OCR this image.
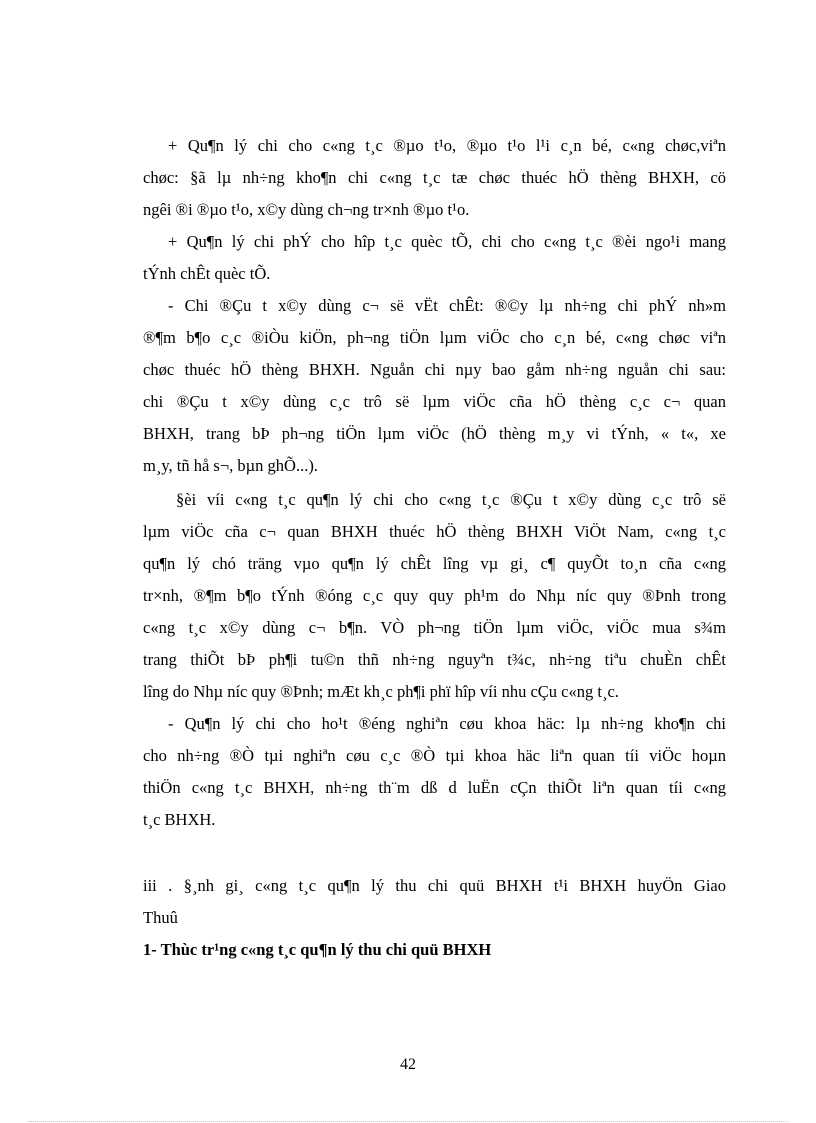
+ Qu¶n lý chi cho c«ng t¸c ®µo t¹o, ®µo t¹o l¹i c¸n bé, c«ng chøc,viªn
chøc: §ã lµ nh÷ng kho¶n chi c«ng t¸c tæ chøc thuéc hÖ thèng BHXH, cö
ngêi ®i ®µo t¹o, x©y dùng ch¬ng tr×nh ®µo t¹o.
+ Qu¶n lý chi phÝ cho hîp t¸c quèc tÕ, chi cho c«ng t¸c ®èi ngo¹i mang
tÝnh chÊt quèc tÕ.
- Chi ®Çu t x©y dùng c¬ së vËt chÊt: ®©y lµ nh÷ng chi phÝ nh»m
®¶m b¶o c¸c ®iÒu kiÖn, ph¬ng tiÖn lµm viÖc cho c¸n bé, c«ng chøc viªn
chøc thuéc hÖ thèng BHXH. Nguån chi nµy bao gåm nh÷ng nguån chi sau:
chi ®Çu t x©y dùng c¸c trô së lµm viÖc cña hÖ thèng c¸c c¬ quan
BHXH, trang bÞ ph¬ng tiÖn lµm viÖc (hÖ thèng m¸y vi tÝnh, « t«, xe
m¸y, tñ hå s¬, bµn ghÕ...).
§èi víi c«ng t¸c qu¶n lý chi cho c«ng t¸c ®Çu t x©y dùng c¸c trô së
lµm viÖc cña c¬ quan BHXH thuéc hÖ thèng BHXH ViÖt Nam, c«ng t¸c
qu¶n lý chó träng vµo qu¶n lý chÊt lîng vµ gi¸ c¶ quyÕt to¸n cña c«ng
tr×nh, ®¶m b¶o tÝnh ®óng c¸c quy quy ph¹m do Nhµ níc quy ®Þnh trong
c«ng t¸c x©y dùng c¬ b¶n. VÒ ph¬ng tiÖn lµm viÖc, viÖc mua s¾m
trang thiÕt bÞ ph¶i tu©n thñ nh÷ng nguyªn t¾c, nh÷ng tiªu chuÈn chÊt
lîng do Nhµ níc quy ®Þnh; mÆt kh¸c ph¶i phï hîp víi nhu cÇu c«ng t¸c.
- Qu¶n lý chi cho ho¹t ®éng nghiªn cøu khoa häc: lµ nh÷ng kho¶n chi
cho nh÷ng ®Ò tµi nghiªn cøu c¸c ®Ò tµi khoa häc liªn quan tíi viÖc hoµn
thiÖn c«ng t¸c BHXH, nh÷ng th¨m dß d luËn cÇn thiÕt liªn quan tíi c«ng
t¸c BHXH.
iii . §¸nh gi¸ c«ng t¸c qu¶n lý thu chi quü BHXH t¹i BHXH huyÖn Giao
Thuû
1- Thùc tr¹ng c«ng t¸c qu¶n lý thu chi quü BHXH
42
